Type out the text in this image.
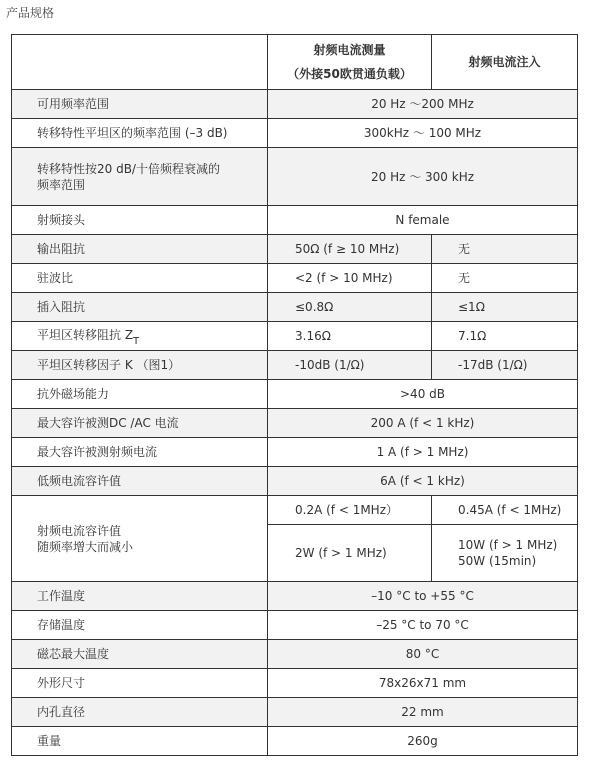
产品规格

	射频电流测量
（外接50欧贯通负载）	射频电流注入
可用频率范围	20 Hz ～200 MHz	
转移特性平坦区的频率范围 (–3 dB)	300kHz ～ 100 MHz	

转移特性按20 dB/十倍频程衰减的
频率范围	20 Hz ～ 300 kHz	
射频接头	N female	
输出阻抗	50Ω (f ≥ 10 MHz)	无
驻波比	<2 (f > 10 MHz)	无
插入阻抗	≤0.8Ω	≤1Ω
平坦区转移阻抗 $Z_T$	3.16Ω	7.1Ω
平坦区转移因子 K （图1）	-10dB (1/Ω)	-17dB (1/Ω)
抗外磁场能力	>40 dB	
最大容许被测DC /AC 电流	200 A (f < 1 kHz)	
最大容许被测射频电流	1 A (f > 1 MHz)	
低频电流容许值	6A (f < 1 kHz)	

射频电流容许值
随频率增大而减小	0.2A (f < 1MHz）	0.45A (f < 1MHz)
	2W (f > 1 MHz)	10W (f > 1 MHz)
50W (15min)

工作温度	–10 °C to +55 °C	
存储温度	–25 °C to 70 °C	
磁芯最大温度	80 °C	
外形尺寸	78x26x71 mm	
内孔直径	22 mm	
重量	260g	
